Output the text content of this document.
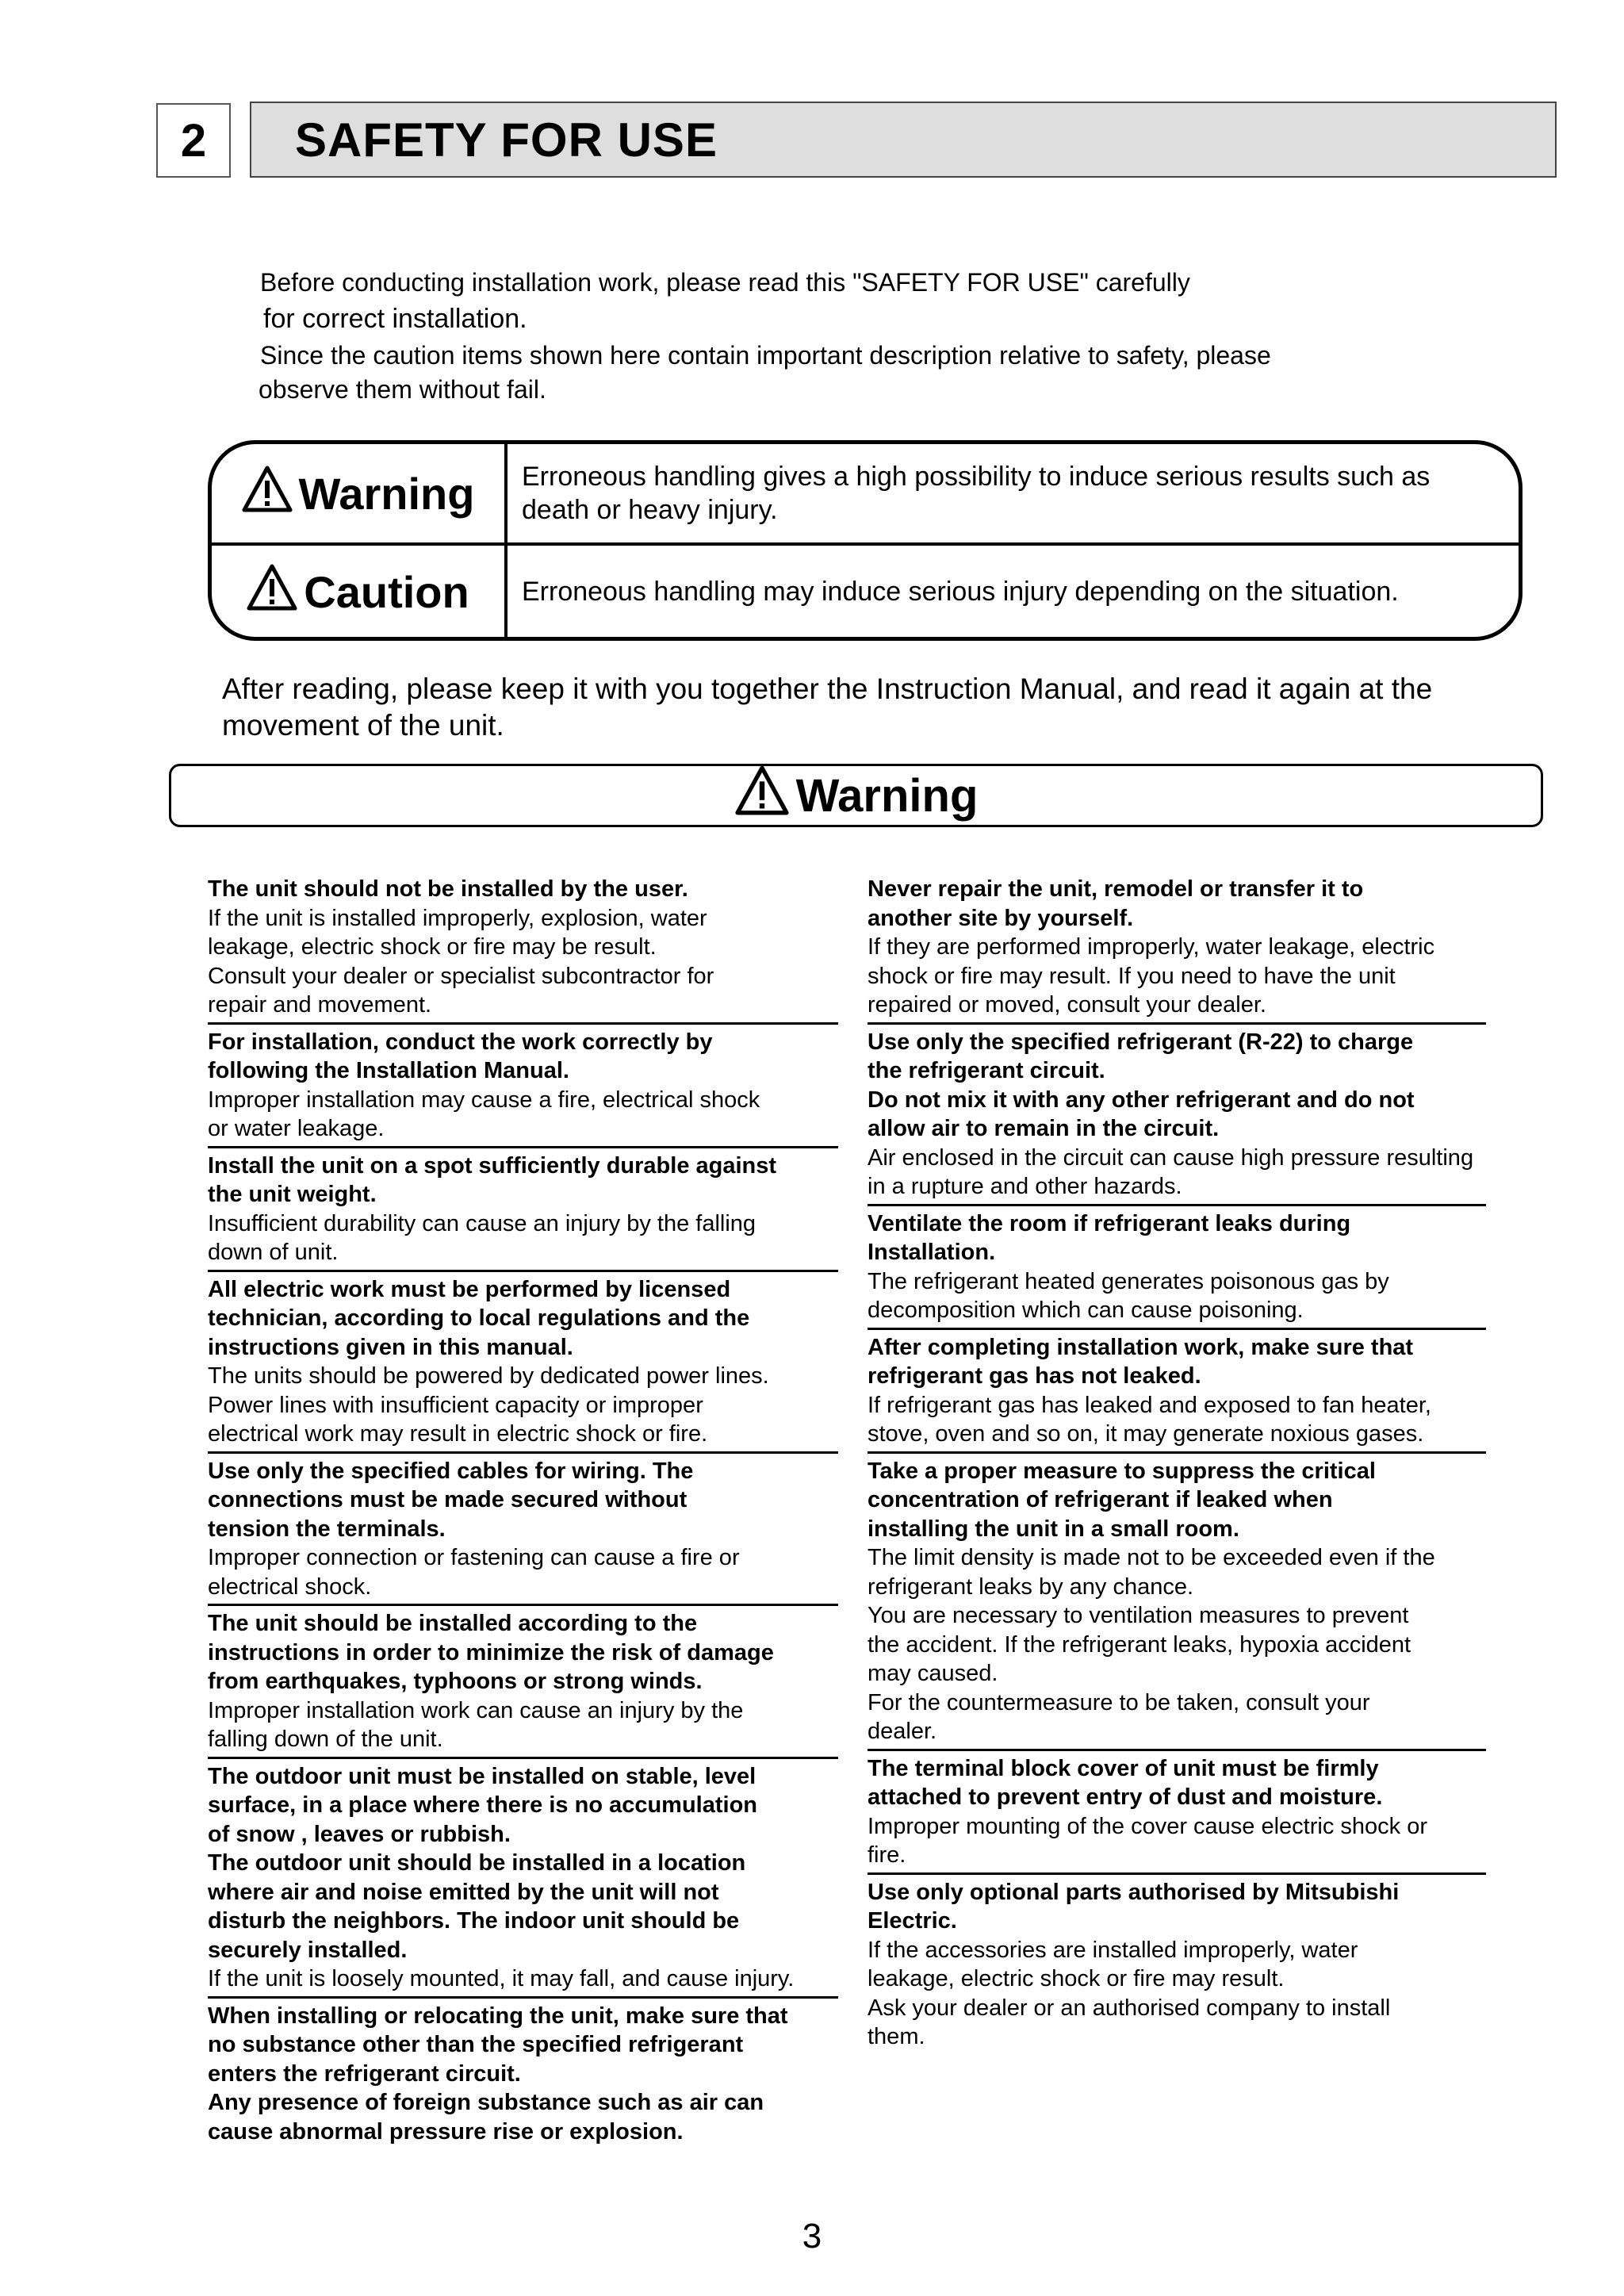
2	SAFETY FOR USE
Before conducting installation work, please read this "SAFETY FOR USE" carefully
for correct installation.
Since the caution items shown here contain important description relative to safety, please
observe them without fail.
Warning	Erroneous handling gives a high possibility to induce serious results such as death or heavy injury.
Caution	Erroneous handling may induce serious injury depending on the situation.
After reading, please keep it with you together the Instruction Manual, and read it again at the movement of the unit.
Warning
The unit should not be installed by the user.
If the unit is installed improperly, explosion, water
leakage, electric shock or fire may be result.
Consult your dealer or specialist subcontractor for
repair and movement.
For installation, conduct the work correctly by
following the Installation Manual.
Improper installation may cause a fire, electrical shock
or water leakage.
Install the unit on a spot sufficiently durable against
the unit weight.
Insufficient durability can cause an injury by the falling
down of unit.
All electric work must be performed by licensed
technician, according to local regulations and the
instructions given in this manual.
The units should be powered by dedicated power lines.
Power lines with insufficient capacity or improper
electrical work may result in electric shock or fire.
Use only the specified cables for wiring. The
connections must be made secured without
tension the terminals.
Improper connection or fastening can cause a fire or
electrical shock.
The unit should be installed according to the
instructions in order to minimize the risk of damage
from earthquakes, typhoons or strong winds.
Improper installation work can cause an injury by the
falling down of the unit.
The outdoor unit must be installed on stable, level
surface, in a place where there is no accumulation
of snow , leaves or rubbish.
The outdoor unit should be installed in a location
where air and noise emitted by the unit will not
disturb the neighbors. The indoor unit should be
securely installed.
If the unit is loosely mounted, it may fall, and cause injury.
When installing or relocating the unit, make sure that
no substance other than the specified refrigerant
enters the refrigerant circuit.
Any presence of foreign substance such as air can
cause abnormal pressure rise or explosion.
Never repair the unit, remodel or transfer it to
another site by yourself.
If they are performed improperly, water leakage, electric
shock or fire may result. If you need to have the unit
repaired or moved, consult your dealer.
Use only the specified refrigerant (R-22) to charge
the refrigerant circuit.
Do not mix it with any other refrigerant and do not
allow air to remain in the circuit.
Air enclosed in the circuit can cause high pressure resulting
in a rupture and other hazards.
Ventilate the room if refrigerant leaks during
Installation.
The refrigerant heated generates poisonous gas by
decomposition which can cause poisoning.
After completing installation work, make sure that
refrigerant gas has not leaked.
If refrigerant gas has leaked and exposed to fan heater,
stove, oven and so on, it may generate noxious gases.
Take a proper measure to suppress the critical
concentration of refrigerant if leaked when
installing the unit in a small room.
The limit density is made not to be exceeded even if the
refrigerant leaks by any chance.
You are necessary to ventilation measures to prevent
the accident. If the refrigerant leaks, hypoxia accident
may caused.
For the countermeasure to be taken, consult your
dealer.
The terminal block cover of unit must be firmly
attached to prevent entry of dust and moisture.
Improper mounting of the cover cause electric shock or
fire.
Use only optional parts authorised by Mitsubishi
Electric.
If the accessories are installed improperly, water
leakage, electric shock or fire may result.
Ask your dealer or an authorised company to install
them.
3
